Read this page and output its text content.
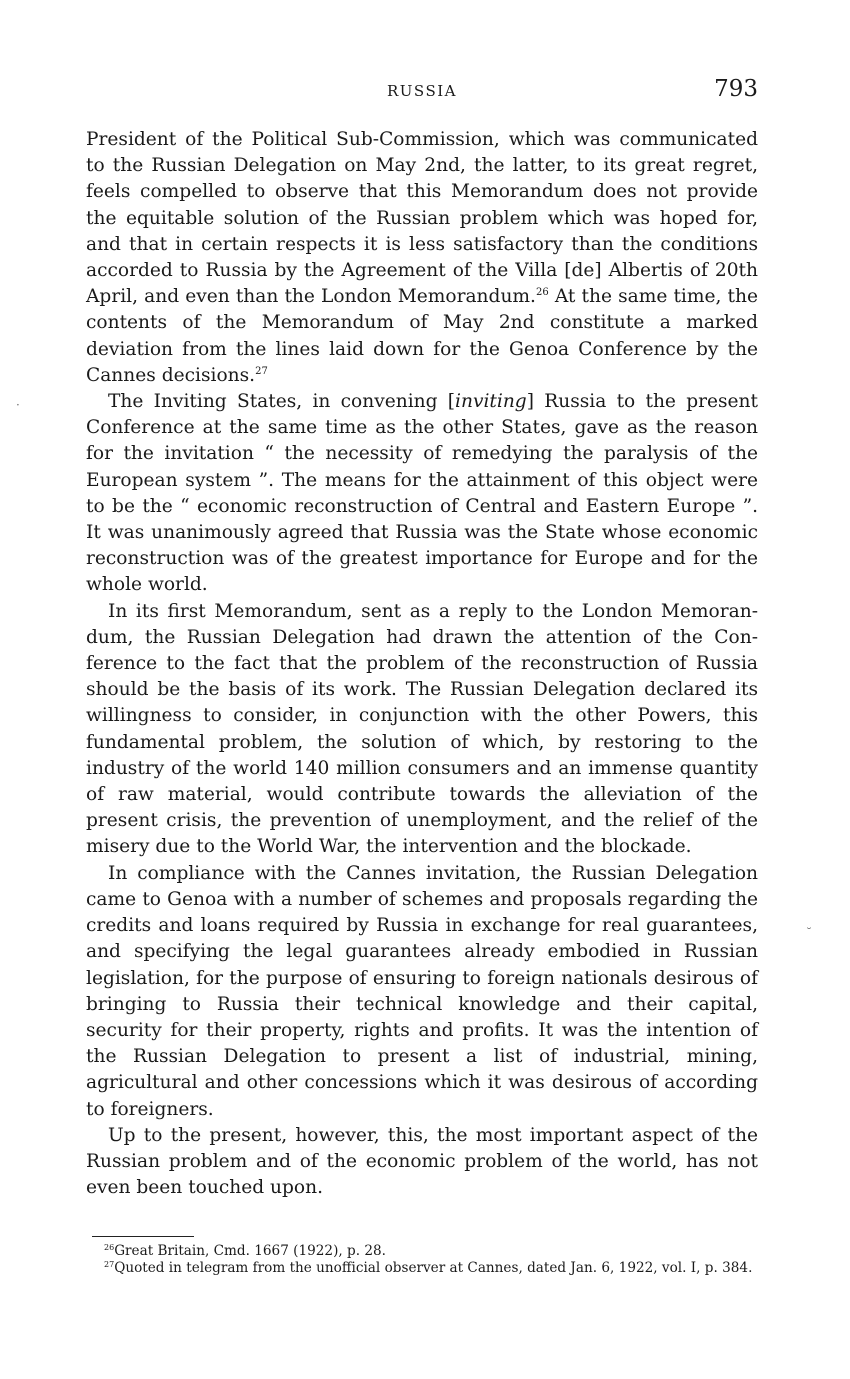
RUSSIA	793

President of the Political Sub-Commission, which was communicated to the Russian Delegation on May 2nd, the latter, to its great regret, feels compelled to observe that this Memorandum does not provide the equitable solution of the Russian problem which was hoped for, and that in certain respects it is less satisfactory than the conditions accorded to Russia by the Agreement of the Villa [de] Albertis of 20th April, and even than the London Memorandum.$^{26}$ At the same time, the contents of the Memorandum of May 2nd constitute a marked deviation from the lines laid down for the Genoa Conference by the Cannes decisions.$^{27}$

The Inviting States, in convening [inviting] Russia to the present Conference at the same time as the other States, gave as the reason for the invitation “ the necessity of remedying the paralysis of the European system ”. The means for the attainment of this object were to be the “ economic reconstruction of Central and Eastern Europe ”. It was unanimously agreed that Russia was the State whose economic reconstruction was of the greatest importance for Europe and for the whole world.

In its first Memorandum, sent as a reply to the London Memorandum, the Russian Delegation had drawn the attention of the Conference to the fact that the problem of the reconstruction of Russia should be the basis of its work. The Russian Delegation declared its willingness to consider, in conjunction with the other Powers, this fundamental problem, the solution of which, by restoring to the industry of the world 140 million consumers and an immense quantity of raw material, would contribute towards the alleviation of the present crisis, the prevention of unemployment, and the relief of the misery due to the World War, the intervention and the blockade.

In compliance with the Cannes invitation, the Russian Delegation came to Genoa with a number of schemes and proposals regarding the credits and loans required by Russia in exchange for real guarantees, and specifying the legal guarantees already embodied in Russian legislation, for the purpose of ensuring to foreign nationals desirous of bringing to Russia their technical knowledge and their capital, security for their property, rights and profits. It was the intention of the Russian Delegation to present a list of industrial, mining, agricultural and other concessions which it was desirous of according to foreigners.

Up to the present, however, this, the most important aspect of the Russian problem and of the economic problem of the world, has not even been touched upon.

$^{26}$Great Britain, Cmd. 1667 (1922), p. 28.

$^{27}$Quoted in telegram from the unofficial observer at Cannes, dated Jan. 6, 1922, vol. I, p. 384.

·
˘
